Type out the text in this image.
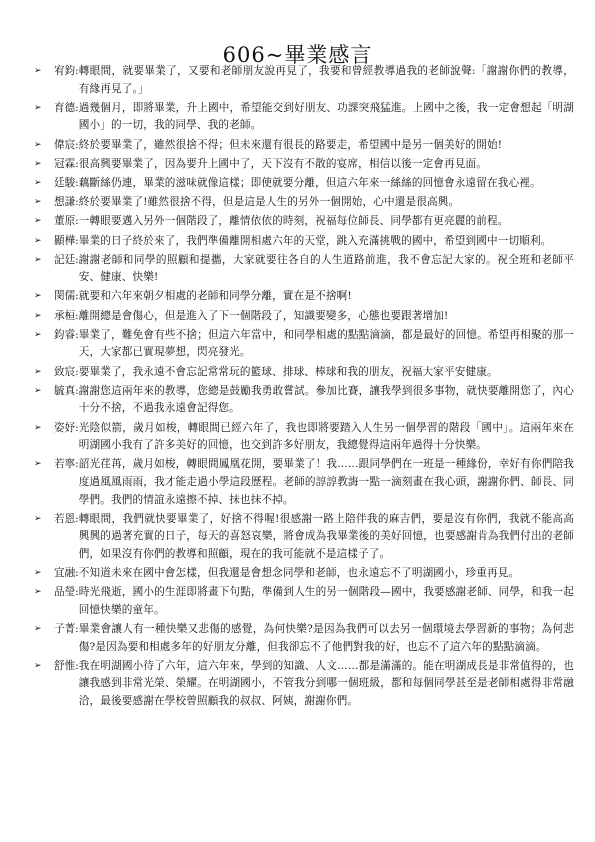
606~畢業感言
➢	宥鈞: 轉眼間，就要畢業了，又要和老師朋友說再見了，我要和曾經教導過我的老師說聲:「謝謝你們的教導，有緣再見了。」
➢	育德: 過幾個月，即將畢業，升上國中，希望能交到好朋友、功課突飛猛進。上國中之後，我一定會想起「明湖國小」的一切，我的同學、我的老師。
➢	偉宸: 終於要畢業了，雖然很捨不得；但未來還有很長的路要走，希望國中是另一個美好的開始!
➢	冠霖: 很高興要畢業了，因為要升上國中了，天下沒有不散的宴席，相信以後一定會再見面。
➢	廷駿: 藕斷絲仍連，畢業的滋味就像這樣；即使就要分離，但這六年來一絲絲的回憶會永遠留在我心裡。
➢	想謙: 終於要畢業了!雖然很捨不得，但是這是人生的另外一個開始，心中還是很高興。
➢	董原: 一轉眼要邁入另外一個階段了，離情依依的時刻，祝福每位師長、同學都有更亮麗的前程。
➢	顯樺: 畢業的日子終於來了，我們準備離開相處六年的天堂，跳入充滿挑戰的國中，希望到國中一切順利。
➢	記廷: 謝謝老師和同學的照顧和提攜，大家就要往各自的人生道路前進，我不會忘記大家的。祝全班和老師平安、健康、快樂!
➢	閔儒: 就要和六年來朝夕相處的老師和同學分離，實在是不捨啊!
➢	承桓: 離開總是會傷心，但是進入了下一個階段了，知識要變多，心態也要跟著增加!
➢	鈞睿: 畢業了，難免會有些不捨；但這六年當中，和同學相處的點點滴滴，都是最好的回憶。希望再相聚的那一天，大家都已實現夢想，閃亮發光。
➢	致宸: 要畢業了，我永遠不會忘記常常玩的籃球、排球、棒球和我的朋友，祝福大家平安健康。
➢	毓真: 謝謝您這兩年來的教導，您總是鼓勵我勇敢嘗試。參加比賽，讓我學到很多事物，就快要離開您了，內心十分不捨，不過我永遠會記得您。
➢	姿妤: 光陰似箭，歲月如梭，轉眼間已經六年了，我也即將要踏入人生另一個學習的階段「國中」。這兩年來在明湖國小我有了許多美好的回憶，也交到許多好朋友，我總覺得這兩年過得十分快樂。
➢	若寧: 韶光荏苒，歲月如梭，轉眼間鳳凰花開，要畢業了！我……跟同學們在一班是一種緣份，幸好有你們陪我度過風風雨雨，我才能走過小學這段歷程。老師的諄諄教誨一點一滴刻畫在我心頭，謝謝你們、師長、同學們。我們的情誼永遠擦不掉、抹也抹不掉。
➢	若恩: 轉眼間，我們就快要畢業了，好捨不得喔!很感謝一路上陪伴我的麻吉們，要是沒有你們，我就不能高高興興的過著充實的日子，每天的喜怒哀樂，將會成為我畢業後的美好回憶，也要感謝肯為我們付出的老師們，如果沒有你們的教導和照顧，現在的我可能就不是這樣子了。
➢	宜融: 不知道未來在國中會怎樣，但我還是會想念同學和老師，也永遠忘不了明湖國小，珍重再見。
➢	品瑩: 時光飛逝，國小的生涯即將畫下句點，準備到人生的另一個階段—國中，我要感謝老師、同學，和我一起回憶快樂的童年。
➢	子菁: 畢業會讓人有一種快樂又悲傷的感覺，為何快樂?是因為我們可以去另一個環境去學習新的事物；為何悲傷?是因為要和相處多年的好朋友分離，但我卻忘不了他們對我的好，也忘不了這六年的點點滴滴。
➢	舒惟: 我在明湖國小待了六年，這六年來，學到的知識、人文……都是滿滿的。能在明湖成長是非常值得的，也讓我感到非常光榮、榮耀。在明湖國小，不管我分到哪一個班級，都和每個同學甚至是老師相處得非常融洽，最後要感謝在學校曾照顧我的叔叔、阿姨，謝謝你們。
